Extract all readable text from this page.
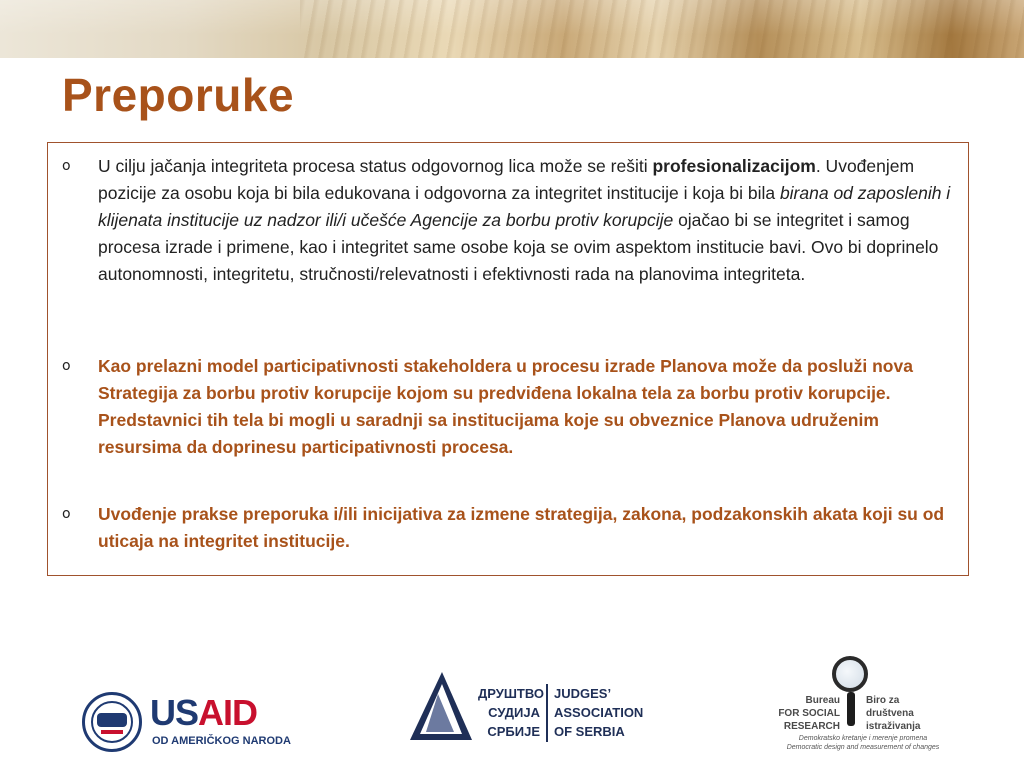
Preporuke
o U cilju jačanja integriteta procesa status odgovornog lica može se rešiti profesionalizacijom. Uvođenjem pozicije za osobu koja bi bila edukovana i odgovorna za integritet institucije i koja bi bila birana od zaposlenih i klijenata institucije uz nadzor ili/i učešće Agencije za borbu protiv korupcije ojačao bi se integritet i samog procesa izrade i primene, kao i integritet same osobe koja se ovim aspektom institucie bavi. Ovo bi doprinelo autonomnosti, integritetu, stručnosti/relevatnosti i efektivnosti rada na planovima integriteta.
o Kao prelazni model participativnosti stakeholdera u procesu izrade Planova može da posluži nova Strategija za borbu protiv korupcije kojom su predviđena lokalna tela za borbu protiv korupcije. Predstavnici tih tela bi mogli u saradnji sa institucijama koje su obveznice Planova udruženim resursima da doprinesu participativnosti procesa.
o Uvođenje prakse preporuka i/ili inicijativa za izmene strategija, zakona, podzakonskih akata koji su od uticaja na integritet institucije.
USAID
OD AMERIČKOG NARODA
ДРУШТВО
СУДИЈА
СРБИЈЕ
JUDGES’
ASSOCIATION
OF SERBIA
Bureau
FOR SOCIAL
RESEARCH
Biro za
društvena
istraživanja
Demokratsko kretanje i merenje promena
Democratic design and measurement of changes
